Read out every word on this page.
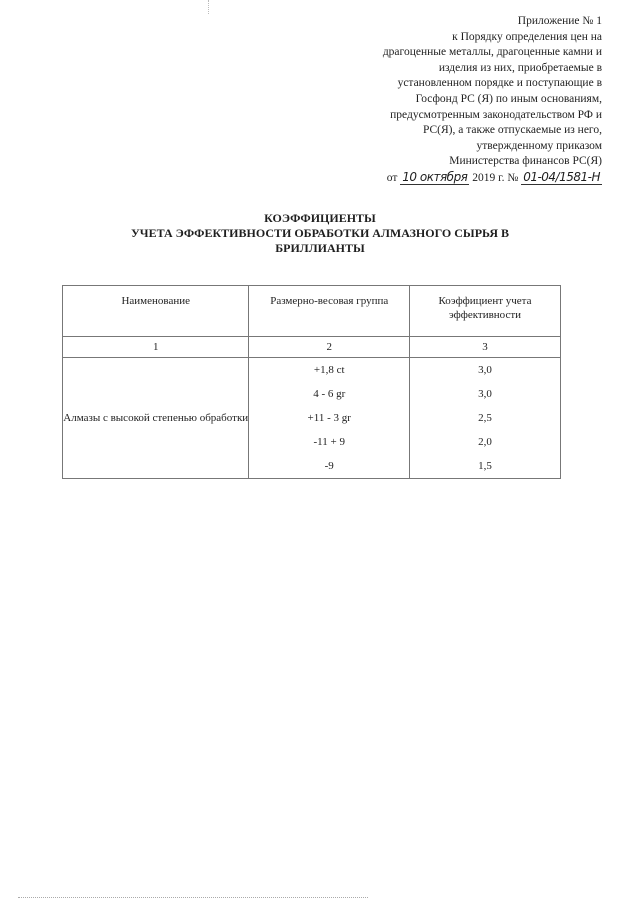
Приложение № 1
к Порядку определения цен на
драгоценные металлы, драгоценные камни и
изделия из них, приобретаемые в
установленном порядке и поступающие в
Госфонд РС (Я) по иным основаниям,
предусмотренным законодательством РФ и
РС(Я), а также отпускаемые из него,
утвержденному приказом
Министерства финансов РС(Я)
от 10 октября 2019 г. № 01-04/1581-Н
КОЭФФИЦИЕНТЫ
УЧЕТА ЭФФЕКТИВНОСТИ ОБРАБОТКИ АЛМАЗНОГО СЫРЬЯ В
БРИЛЛИАНТЫ
Наименование	Размерно-весовая группа	Коэффициент учета эффективности
1	2	3
Алмазы с высокой степенью обработки	+1,8 ct	3,0
	4 - 6 gr	3,0
	+11 - 3 gr	2,5
	-11 + 9	2,0
	-9	1,5
